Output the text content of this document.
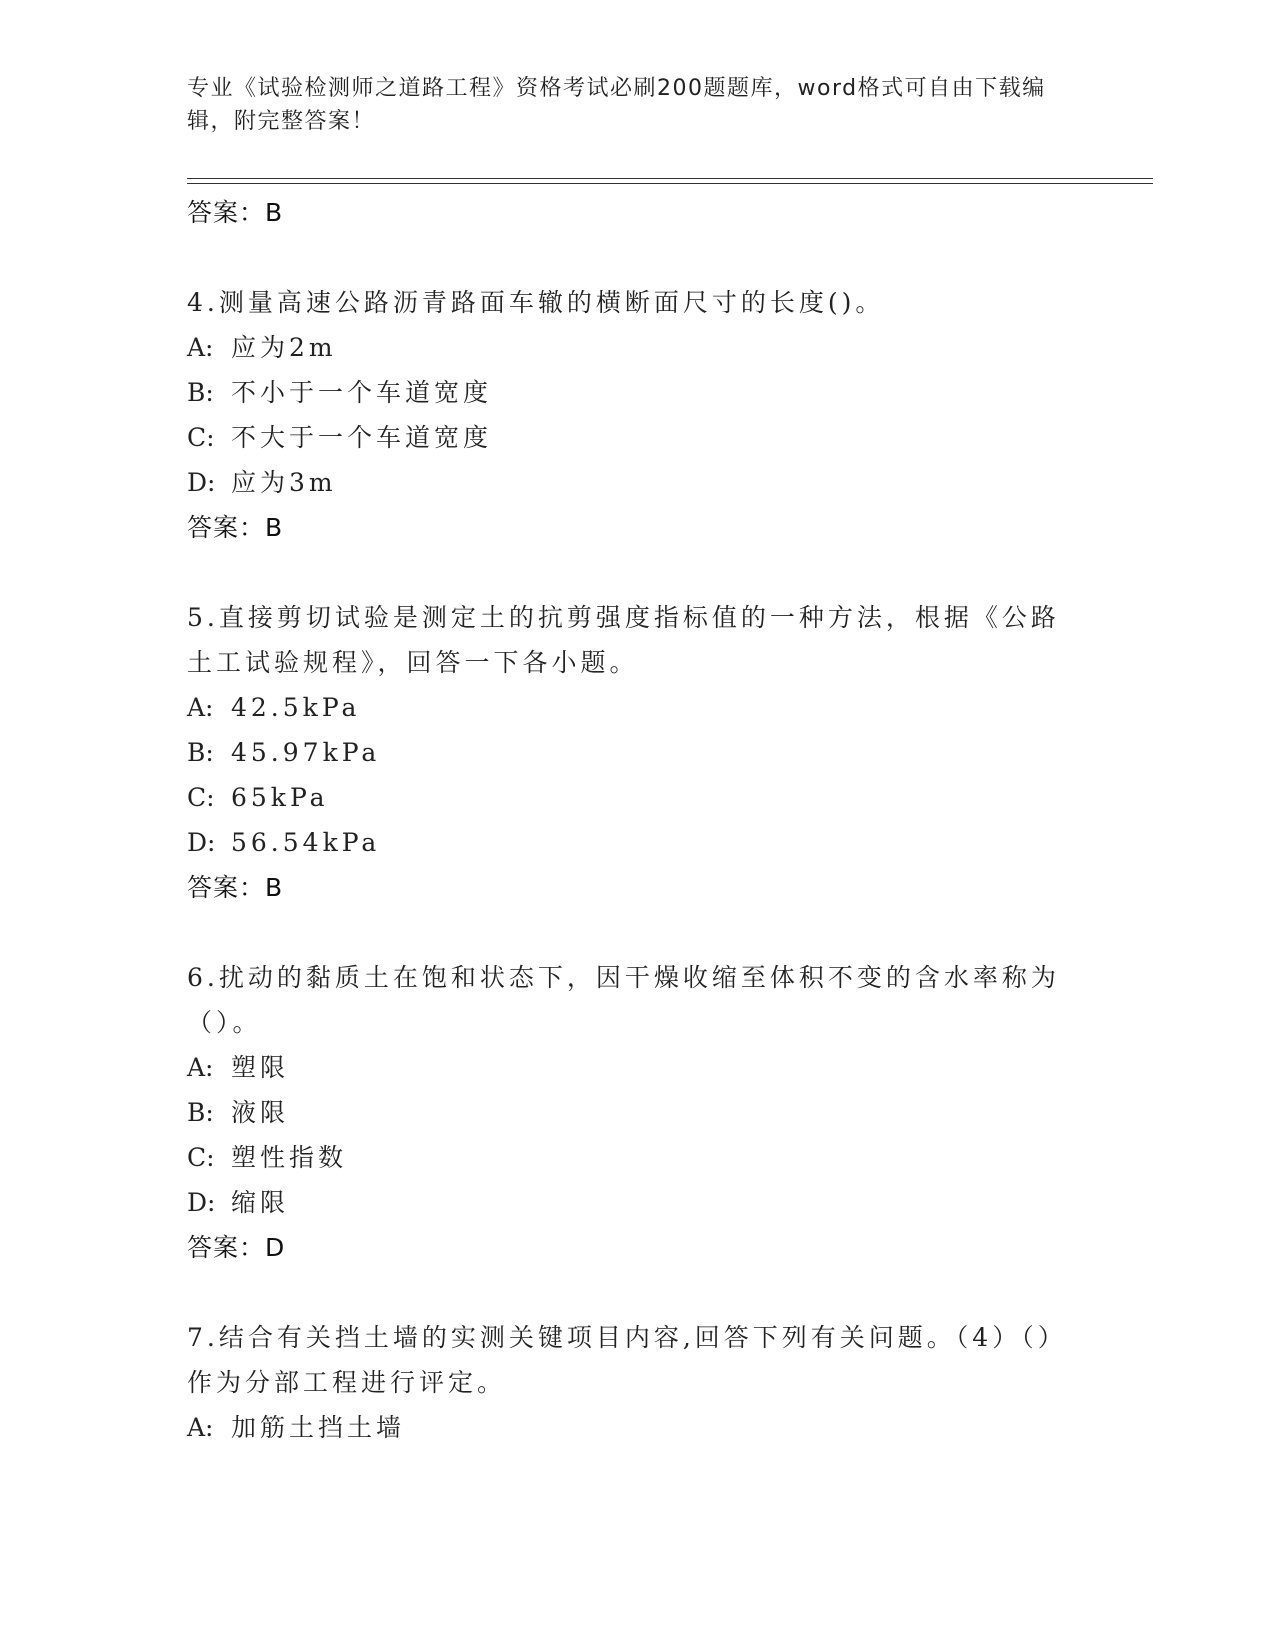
专业《试验检测师之道路工程》资格考试必刷200题题库，word格式可自由下载编辑，附完整答案！
答案：B
4.测量高速公路沥青路面车辙的横断面尺寸的长度()。
A: 应为2m
B: 不小于一个车道宽度
C: 不大于一个车道宽度
D: 应为3m
答案：B
5.直接剪切试验是测定土的抗剪强度指标值的一种方法，根据《公路土工试验规程》，回答一下各小题。
A: 42.5kPa
B: 45.97kPa
C: 65kPa
D: 56.54kPa
答案：B
6.扰动的黏质土在饱和状态下，因干燥收缩至体积不变的含水率称为（）。
A: 塑限
B: 液限
C: 塑性指数
D: 缩限
答案：D
7.结合有关挡土墙的实测关键项目内容,回答下列有关问题。（4）（）作为分部工程进行评定。
A: 加筋土挡土墙
